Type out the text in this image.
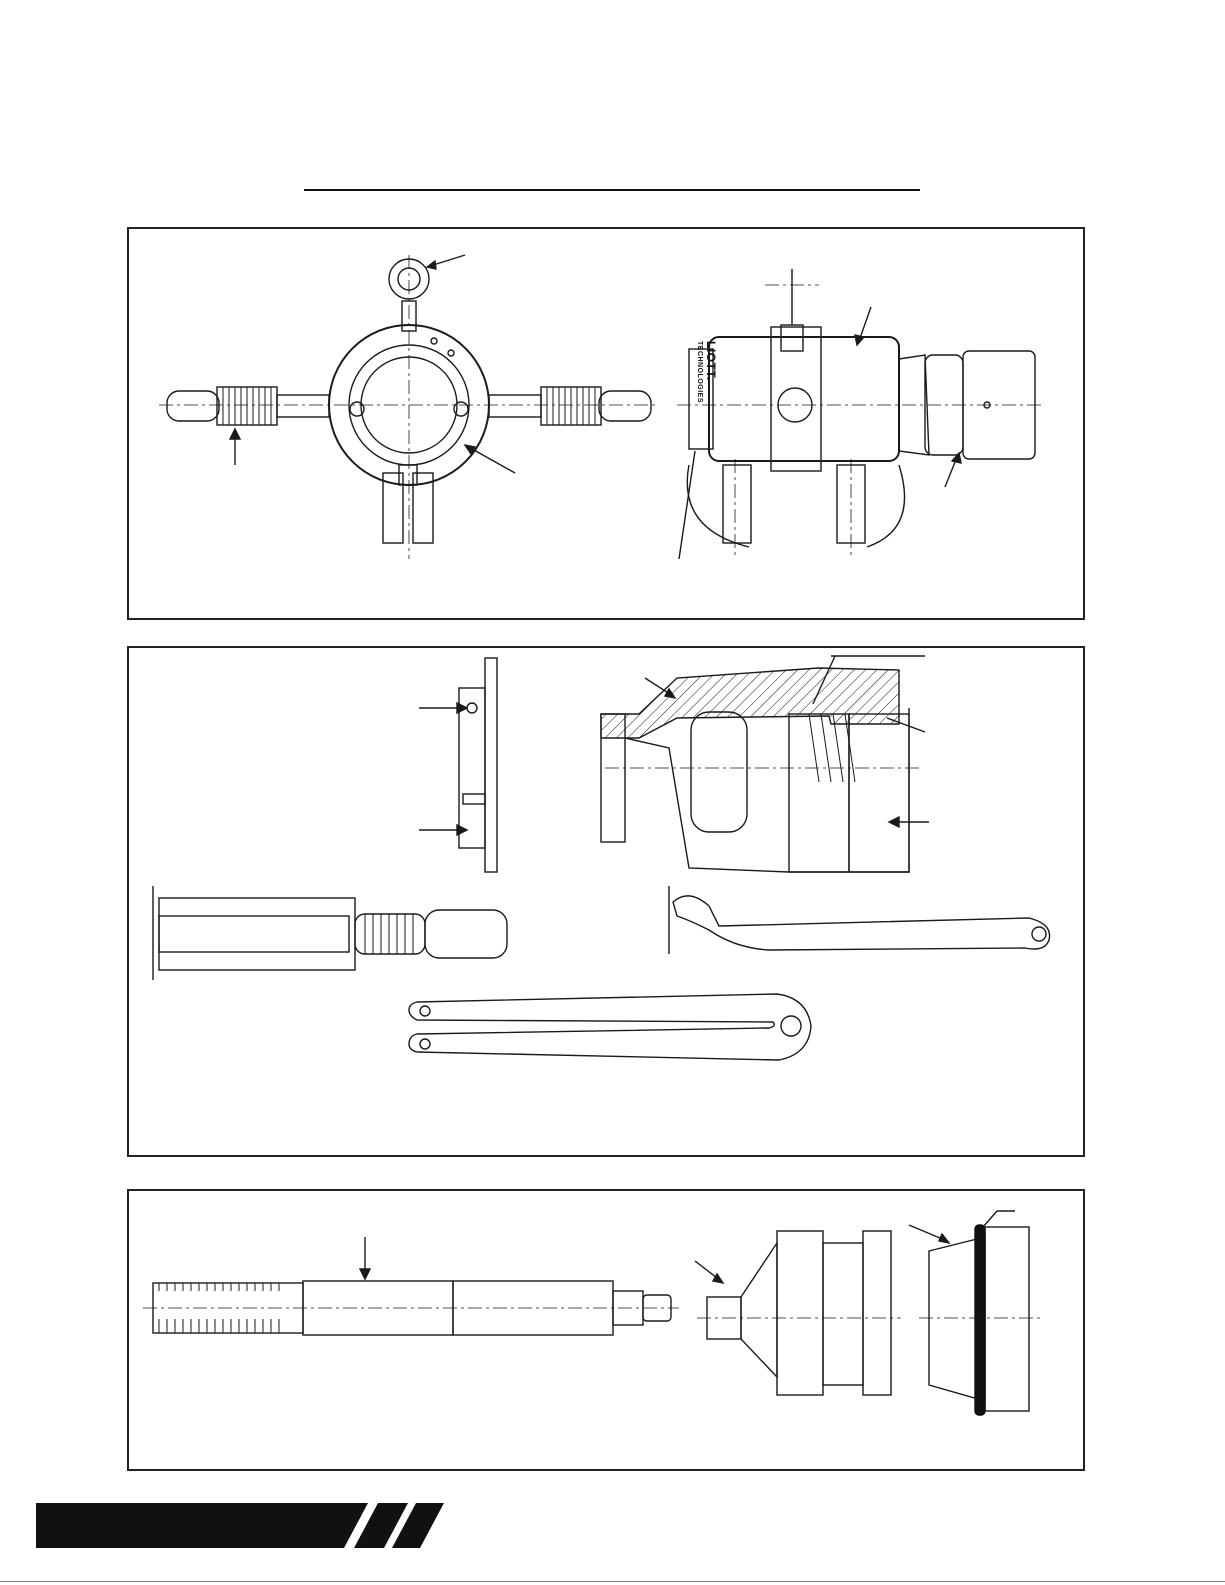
LIOTT.
TECHNOLOGIES
